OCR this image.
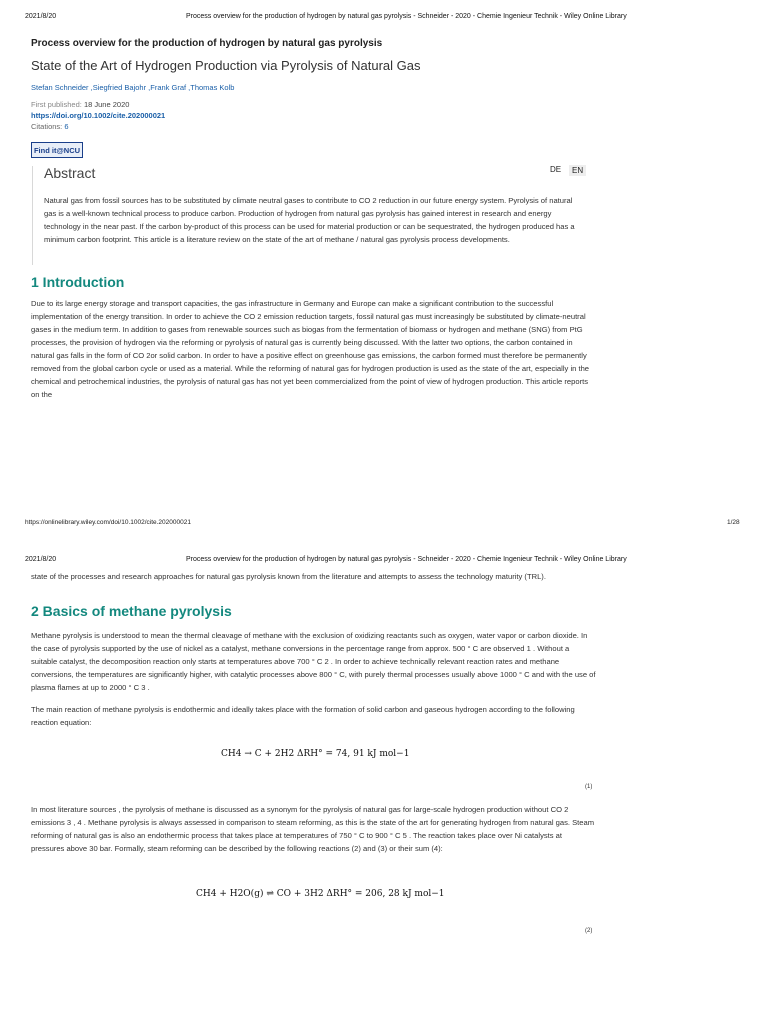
2021/8/20	Process overview for the production of hydrogen by natural gas pyrolysis - Schneider - 2020 - Chemie Ingenieur Technik - Wiley Online Library
Process overview for the production of hydrogen by natural gas pyrolysis
State of the Art of Hydrogen Production via Pyrolysis of Natural Gas
Stefan Schneider ,Siegfried Bajohr ,Frank Graf ,Thomas Kolb
First published: 18 June 2020
https://doi.org/10.1002/cite.202000021
Citations: 6
Find it@NCU
Abstract	DE	EN
Natural gas from fossil sources has to be substituted by climate neutral gases to contribute to CO 2 reduction in our future energy system. Pyrolysis of natural gas is a well-known technical process to produce carbon. Production of hydrogen from natural gas pyrolysis has gained interest in research and energy technology in the near past. If the carbon by-product of this process can be used for material production or can be sequestrated, the hydrogen produced has a minimum carbon footprint. This article is a literature review on the state of the art of methane / natural gas pyrolysis process developments.
1 Introduction
Due to its large energy storage and transport capacities, the gas infrastructure in Germany and Europe can make a significant contribution to the successful implementation of the energy transition. In order to achieve the CO 2 emission reduction targets, fossil natural gas must increasingly be substituted by climate-neutral gases in the medium term. In addition to gases from renewable sources such as biogas from the fermentation of biomass or hydrogen and methane (SNG) from PtG processes, the provision of hydrogen via the reforming or pyrolysis of natural gas is currently being discussed. With the latter two options, the carbon contained in natural gas falls in the form of CO 2or solid carbon. In order to have a positive effect on greenhouse gas emissions, the carbon formed must therefore be permanently removed from the global carbon cycle or used as a material. While the reforming of natural gas for hydrogen production is used as the state of the art, especially in the chemical and petrochemical industries, the pyrolysis of natural gas has not yet been commercialized from the point of view of hydrogen production. This article reports on the
https://onlinelibrary.wiley.com/doi/10.1002/cite.202000021	1/28
2021/8/20	Process overview for the production of hydrogen by natural gas pyrolysis - Schneider - 2020 - Chemie Ingenieur Technik - Wiley Online Library
state of the processes and research approaches for natural gas pyrolysis known from the literature and attempts to assess the technology maturity (TRL).
2 Basics of methane pyrolysis
Methane pyrolysis is understood to mean the thermal cleavage of methane with the exclusion of oxidizing reactants such as oxygen, water vapor or carbon dioxide. In the case of pyrolysis supported by the use of nickel as a catalyst, methane conversions in the percentage range from approx. 500 ° C are observed 1 . Without a suitable catalyst, the decomposition reaction only starts at temperatures above 700 ° C 2 . In order to achieve technically relevant reaction rates and methane conversions, the temperatures are significantly higher, with catalytic processes above 800 ° C, with purely thermal processes usually above 1000 ° C and with the use of plasma flames at up to 2000 ° C 3 .
The main reaction of methane pyrolysis is endothermic and ideally takes place with the formation of solid carbon and gaseous hydrogen according to the following reaction equation:
CH4 → C + 2H2 ΔRH° = 74, 91 kJ mol−1
(1)
In most literature sources , the pyrolysis of methane is discussed as a synonym for the pyrolysis of natural gas for large-scale hydrogen production without CO 2 emissions 3 , 4 . Methane pyrolysis is always assessed in comparison to steam reforming, as this is the state of the art for generating hydrogen from natural gas. Steam reforming of natural gas is also an endothermic process that takes place at temperatures of 750 ° C to 900 ° C 5 . The reaction takes place over Ni catalysts at pressures above 30 bar. Formally, steam reforming can be described by the following reactions (2) and (3) or their sum (4):
CH4 + H2O(g) ⇌ CO + 3H2 ΔRH° = 206, 28 kJ mol−1
(2)
